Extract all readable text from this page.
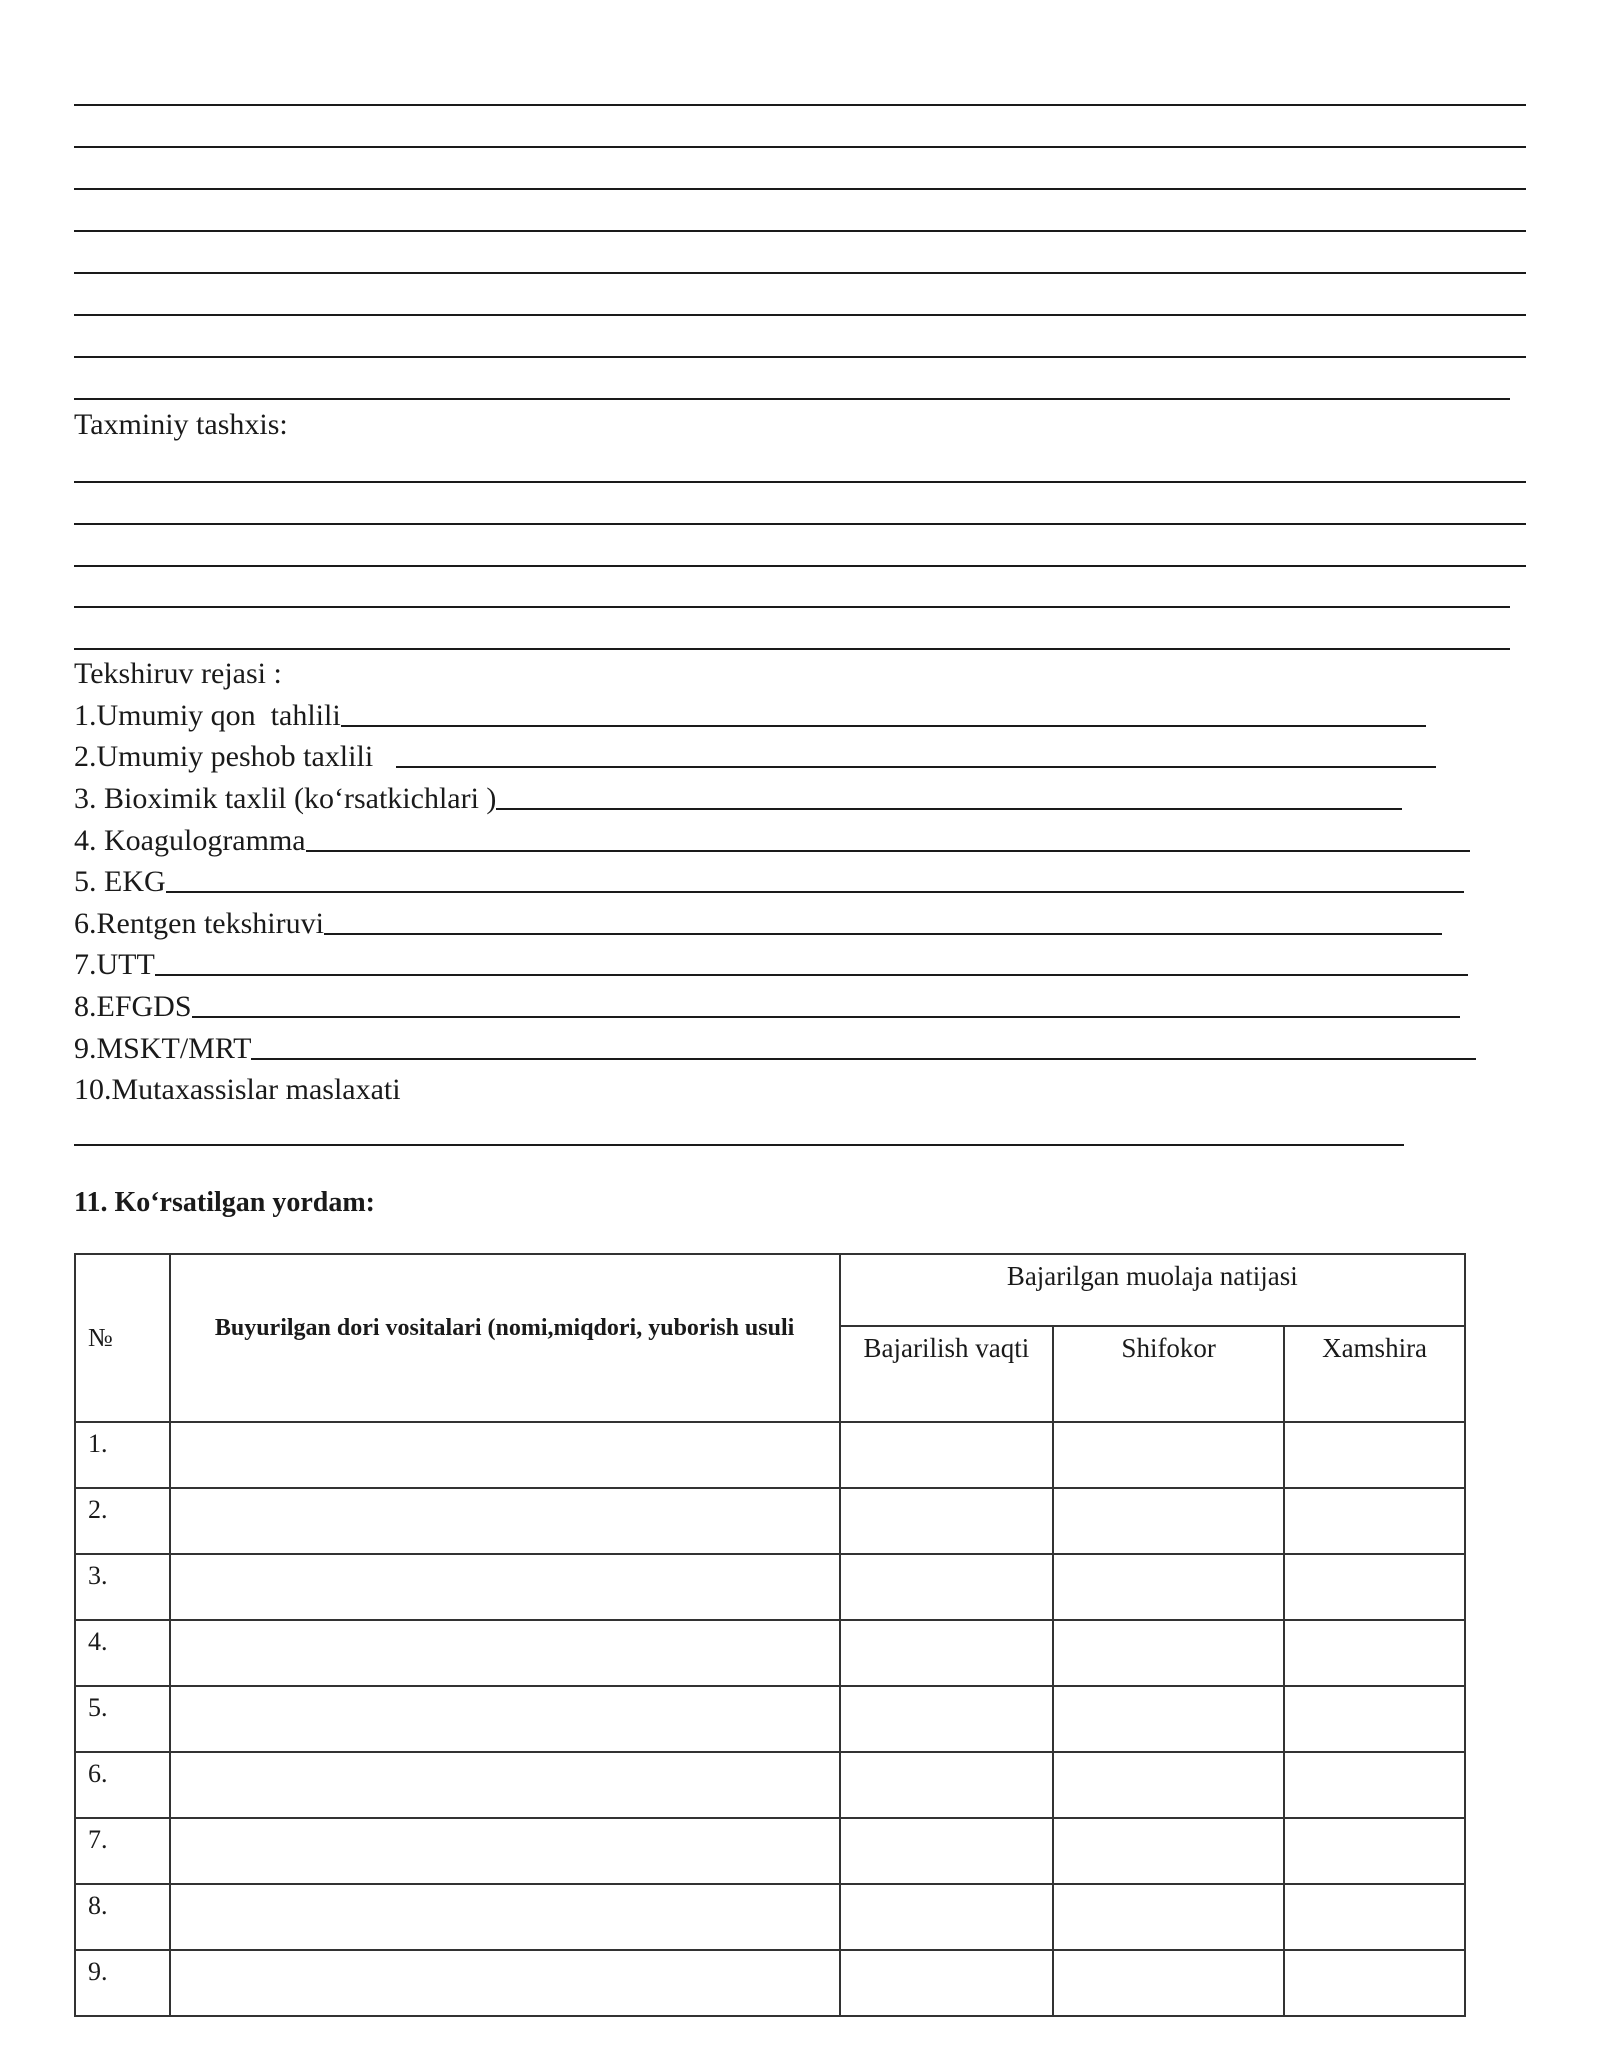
Taxminiy tashxis:
Tekshiruv rejasi :
1.Umumiy qon  tahlili
2.Umumiy peshob taxlili
3. Bioximik taxlil (koʻrsatkichlari )
4. Koagulogramma
5. EKG
6.Rentgen tekshiruvi
7.UTT
8.EFGDS
9.MSKT/MRT
10.Mutaxassislar maslaxati
11. Koʻrsatilgan yordam:
№	Buyurilgan dori vositalari (nomi,miqdori, yuborish usuli	Bajarilgan muolaja natijasi		
		Bajarilish vaqti	Shifokor	Xamshira
1.				
2.				
3.				
4.				
5.				
6.				
7.				
8.				
9.				
